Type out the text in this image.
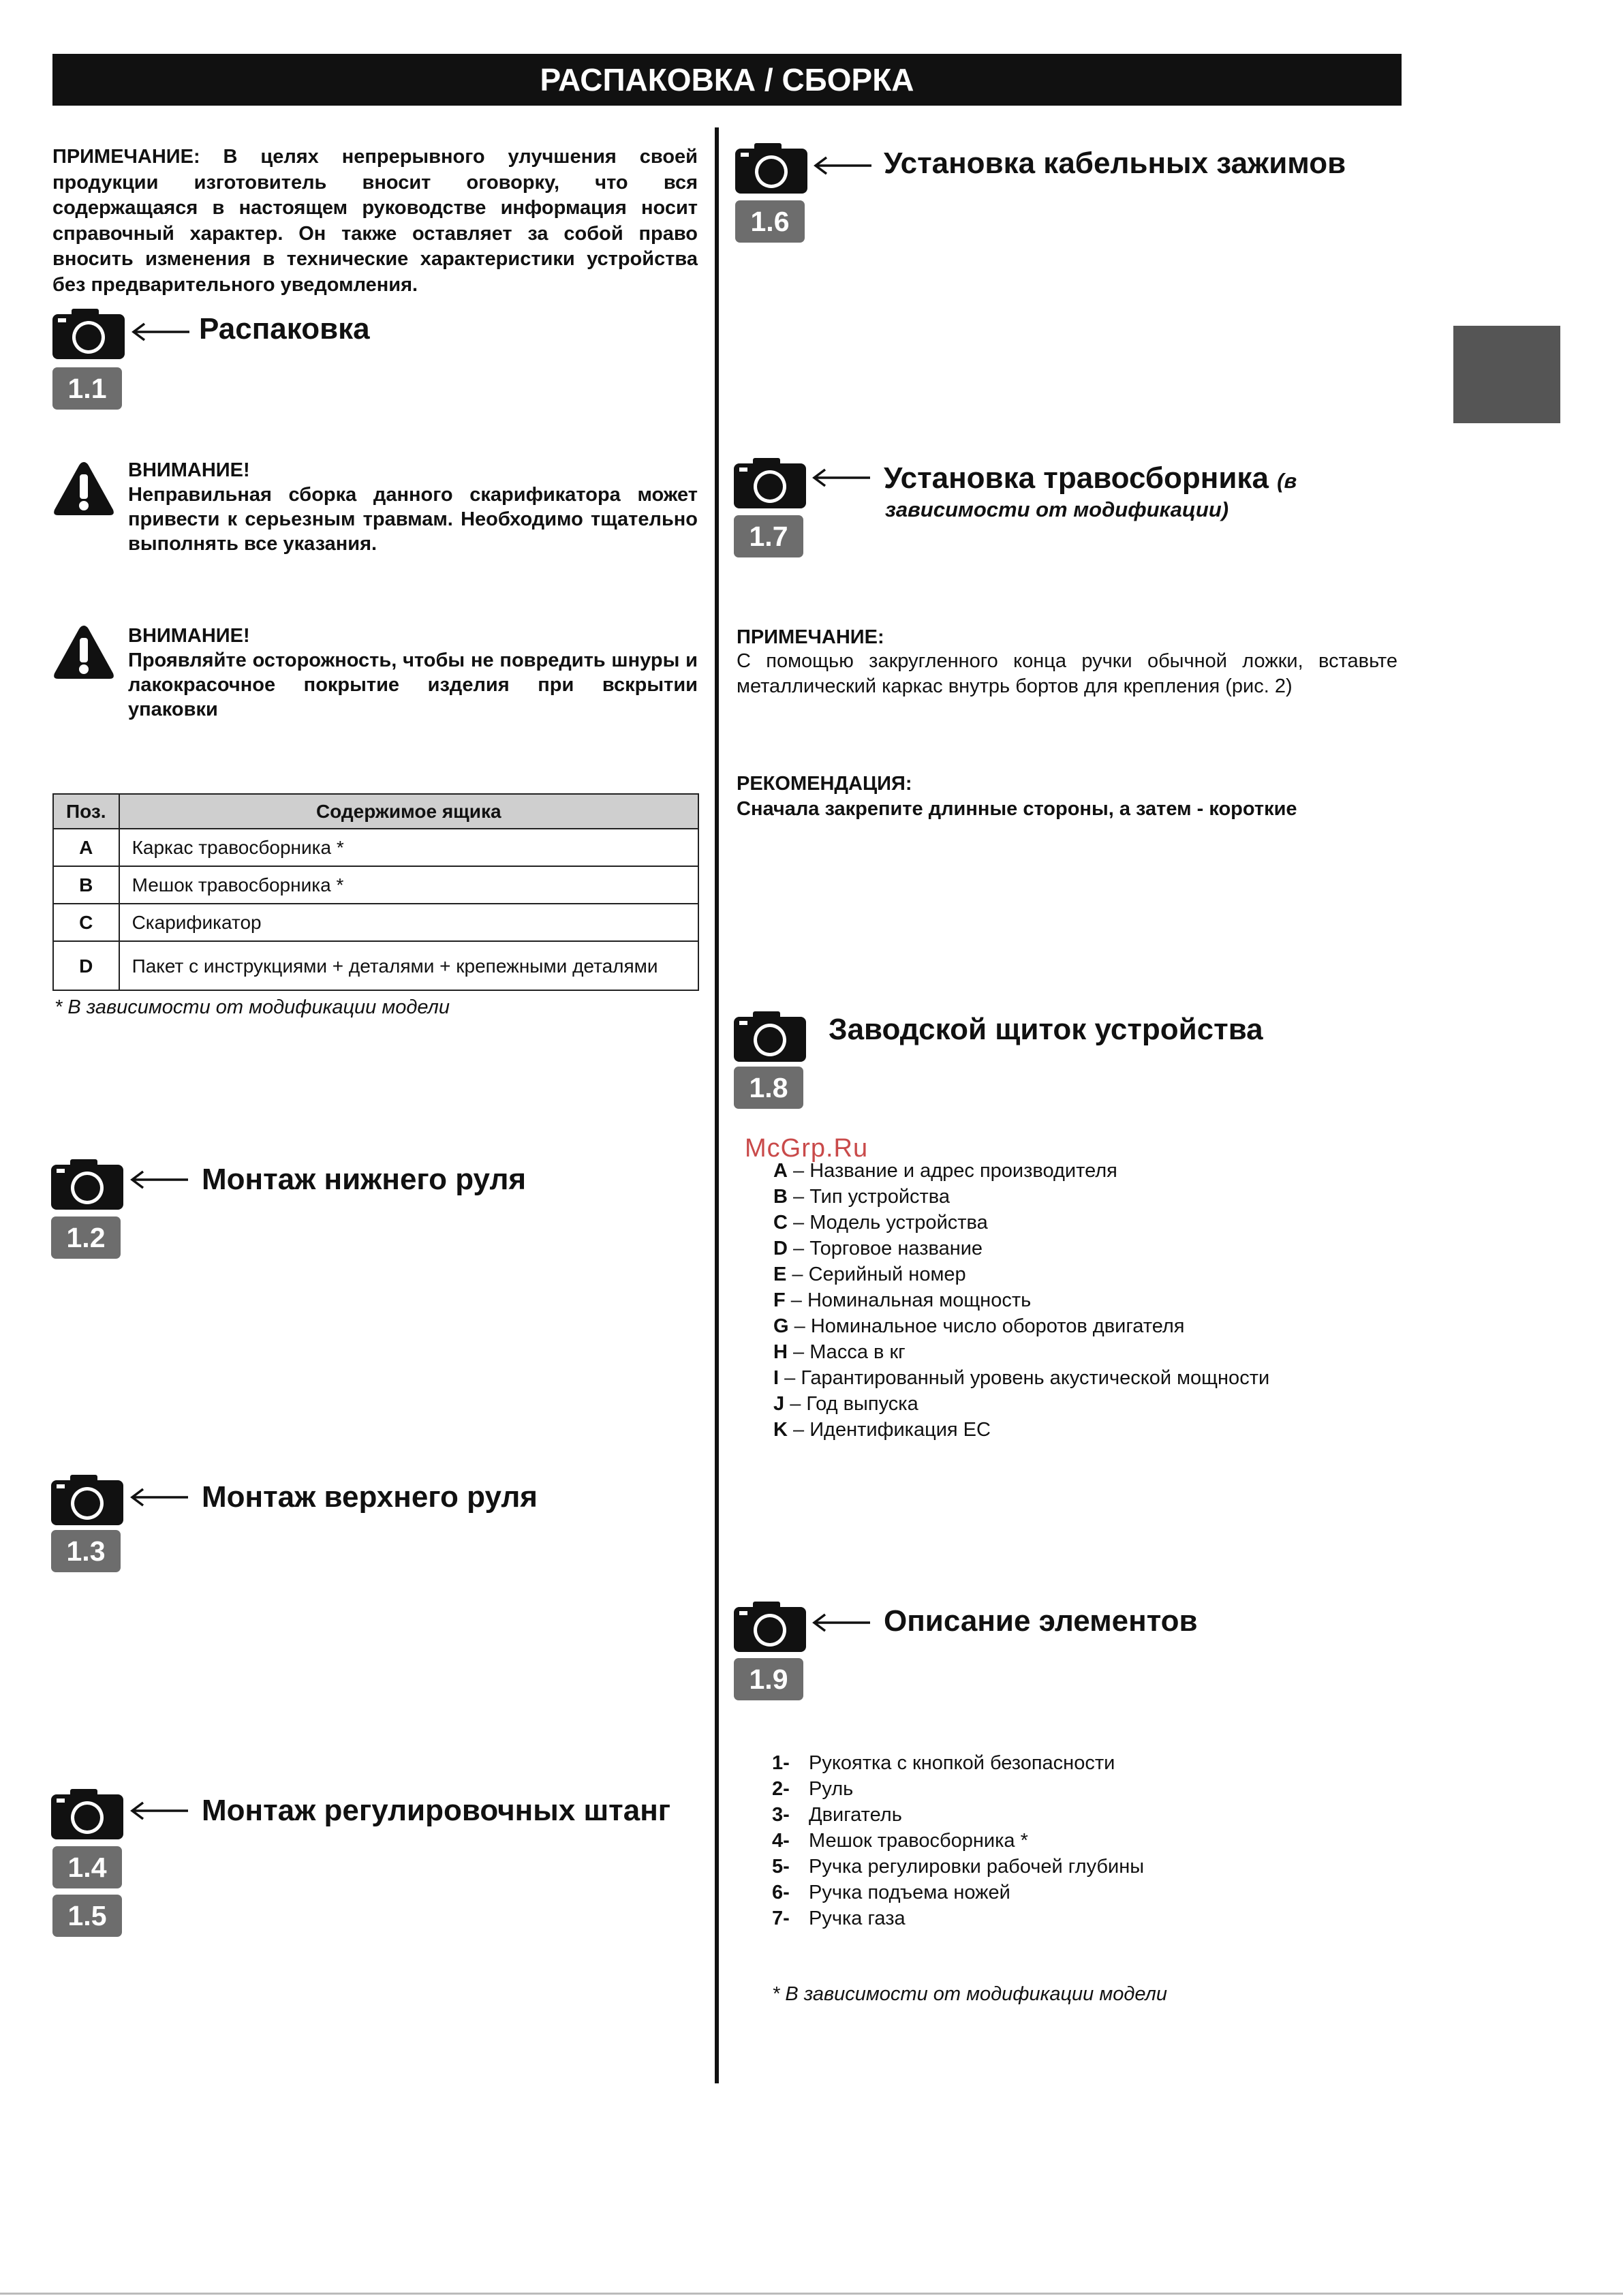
РАСПАКОВКА / СБОРКА
ПРИМЕЧАНИЕ: В целях непрерывного улучшения своей продукции изготовитель вносит оговорку, что вся содержащаяся в настоящем руководстве информация носит справочный характер. Он также оставляет за собой право вносить изменения в технические характеристики устройства без предварительного уведомления.
Распаковка
1.1
ВНИМАНИЕ!
Неправильная сборка данного скарификатора может привести к серьезным травмам. Необходимо тщательно выполнять все указания.
ВНИМАНИЕ!
Проявляйте осторожность, чтобы не повредить шнуры и лакокрасочное покрытие изделия при вскрытии упаковки
Поз.	Содержимое ящика
A	Каркас травосборника *
B	Мешок травосборника *
C	Скарификатор
D	Пакет с инструкциями + деталями + крепежными деталями
* В зависимости от модификации модели
Монтаж нижнего руля
1.2
Монтаж верхнего руля
1.3
Монтаж регулировочных штанг
1.4
1.5
Установка кабельных зажимов
1.6
Установка травосборника (в
зависимости от модификации)
1.7
ПРИМЕЧАНИЕ:
С помощью закругленного конца ручки обычной ложки, вставьте металлический каркас внутрь бортов для крепления (рис. 2)
РЕКОМЕНДАЦИЯ:
Сначала закрепите длинные стороны, а затем - короткие
Заводской щиток устройства
1.8
McGrp.Ru
A – Название и адрес производителя
B – Тип устройства
C – Модель устройства
D – Торговое название
E – Серийный номер
F – Номинальная мощность
G – Номинальное число оборотов двигателя
H – Масса в кг
I – Гарантированный уровень акустической мощности
J – Год выпуска
K – Идентификация ЕС
Описание элементов
1.9
1- Рукоятка с кнопкой безопасности
2- Руль
3- Двигатель
4- Мешок травосборника *
5- Ручка регулировки рабочей глубины
6- Ручка подъема ножей
7- Ручка газа
* В зависимости от модификации модели
